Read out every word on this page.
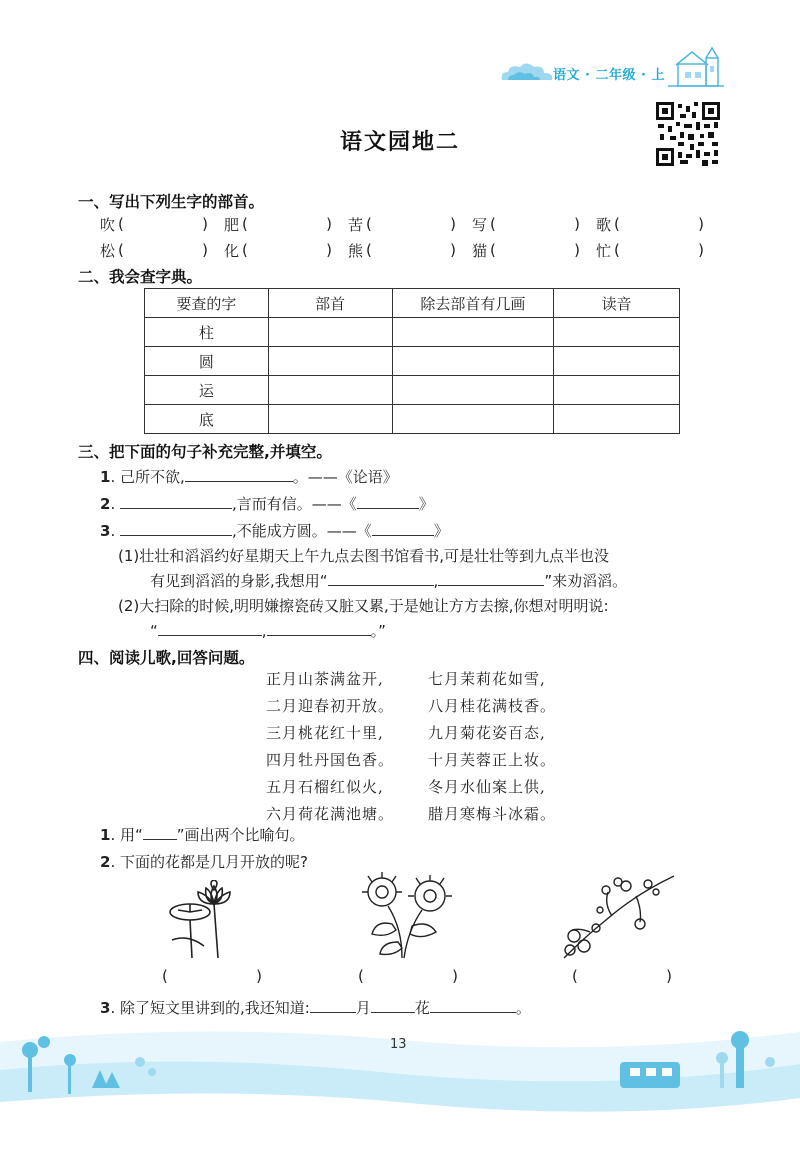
语文 · 二年级 · 上
语文园地二
一、写出下列生字的部首。
吹 (	) 肥 (	) 苦 (	) 写 (	) 歌 (	)
松 (	) 化 (	) 熊 (	) 猫 (	) 忙 (	)
二、我会查字典。
要查的字	部首	除去部首有几画	读音
柱			
圆			
运			
底			
三、把下面的句子补充完整,并填空。
1. 己所不欲,	。——《论语》
2.	,言而有信。——《	》
3.	,不能成方圆。——《	》
(1)壮壮和滔滔约好星期天上午九点去图书馆看书,可是壮壮等到九点半也没
有见到滔滔的身影,我想用“	,	”来劝滔滔。
(2)大扫除的时候,明明嫌擦瓷砖又脏又累,于是她让方方去擦,你想对明明说:
“	,	。”
四、阅读儿歌,回答问题。
正月山茶满盆开,
二月迎春初开放。
三月桃花红十里,
四月牡丹国色香。
五月石榴红似火,
六月荷花满池塘。
七月茉莉花如雪,
八月桂花满枝香。
九月菊花姿百态,
十月芙蓉正上妆。
冬月水仙案上供,
腊月寒梅斗冰霜。
1. 用“ ”画出两个比喻句。
2. 下面的花都是几月开放的呢?
(	)	(	)	(	)
3. 除了短文里讲到的,我还知道:	月	花	。
13
